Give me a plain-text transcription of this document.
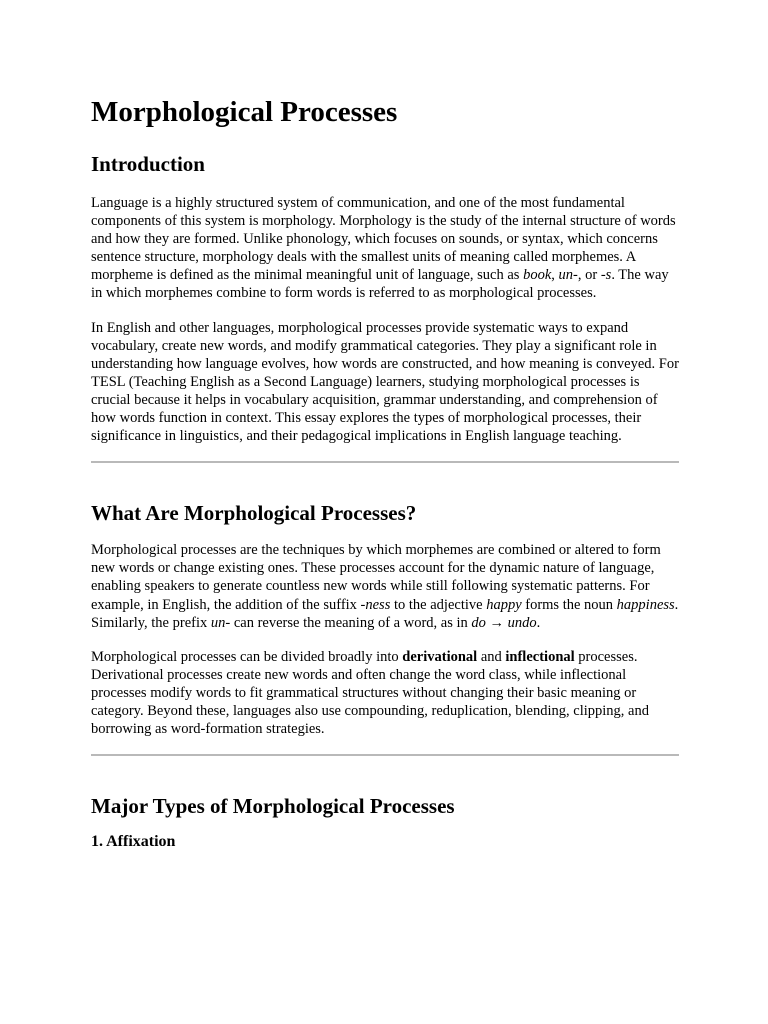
Morphological Processes
Introduction

Language is a highly structured system of communication, and one of the most fundamental components of this system is morphology. Morphology is the study of the internal structure of words and how they are formed. Unlike phonology, which focuses on sounds, or syntax, which concerns sentence structure, morphology deals with the smallest units of meaning called morphemes. A morpheme is defined as the minimal meaningful unit of language, such as book, un-, or -s. The way in which morphemes combine to form words is referred to as morphological processes.

In English and other languages, morphological processes provide systematic ways to expand vocabulary, create new words, and modify grammatical categories. They play a significant role in understanding how language evolves, how words are constructed, and how meaning is conveyed. For TESL (Teaching English as a Second Language) learners, studying morphological processes is crucial because it helps in vocabulary acquisition, grammar understanding, and comprehension of how words function in context. This essay explores the types of morphological processes, their significance in linguistics, and their pedagogical implications in English language teaching.

What Are Morphological Processes?

Morphological processes are the techniques by which morphemes are combined or altered to form new words or change existing ones. These processes account for the dynamic nature of language, enabling speakers to generate countless new words while still following systematic patterns. For example, in English, the addition of the suffix -ness to the adjective happy forms the noun happiness. Similarly, the prefix un- can reverse the meaning of a word, as in do → undo.

Morphological processes can be divided broadly into derivational and inflectional processes. Derivational processes create new words and often change the word class, while inflectional processes modify words to fit grammatical structures without changing their basic meaning or category. Beyond these, languages also use compounding, reduplication, blending, clipping, and borrowing as word-formation strategies.

Major Types of Morphological Processes
1. Affixation
